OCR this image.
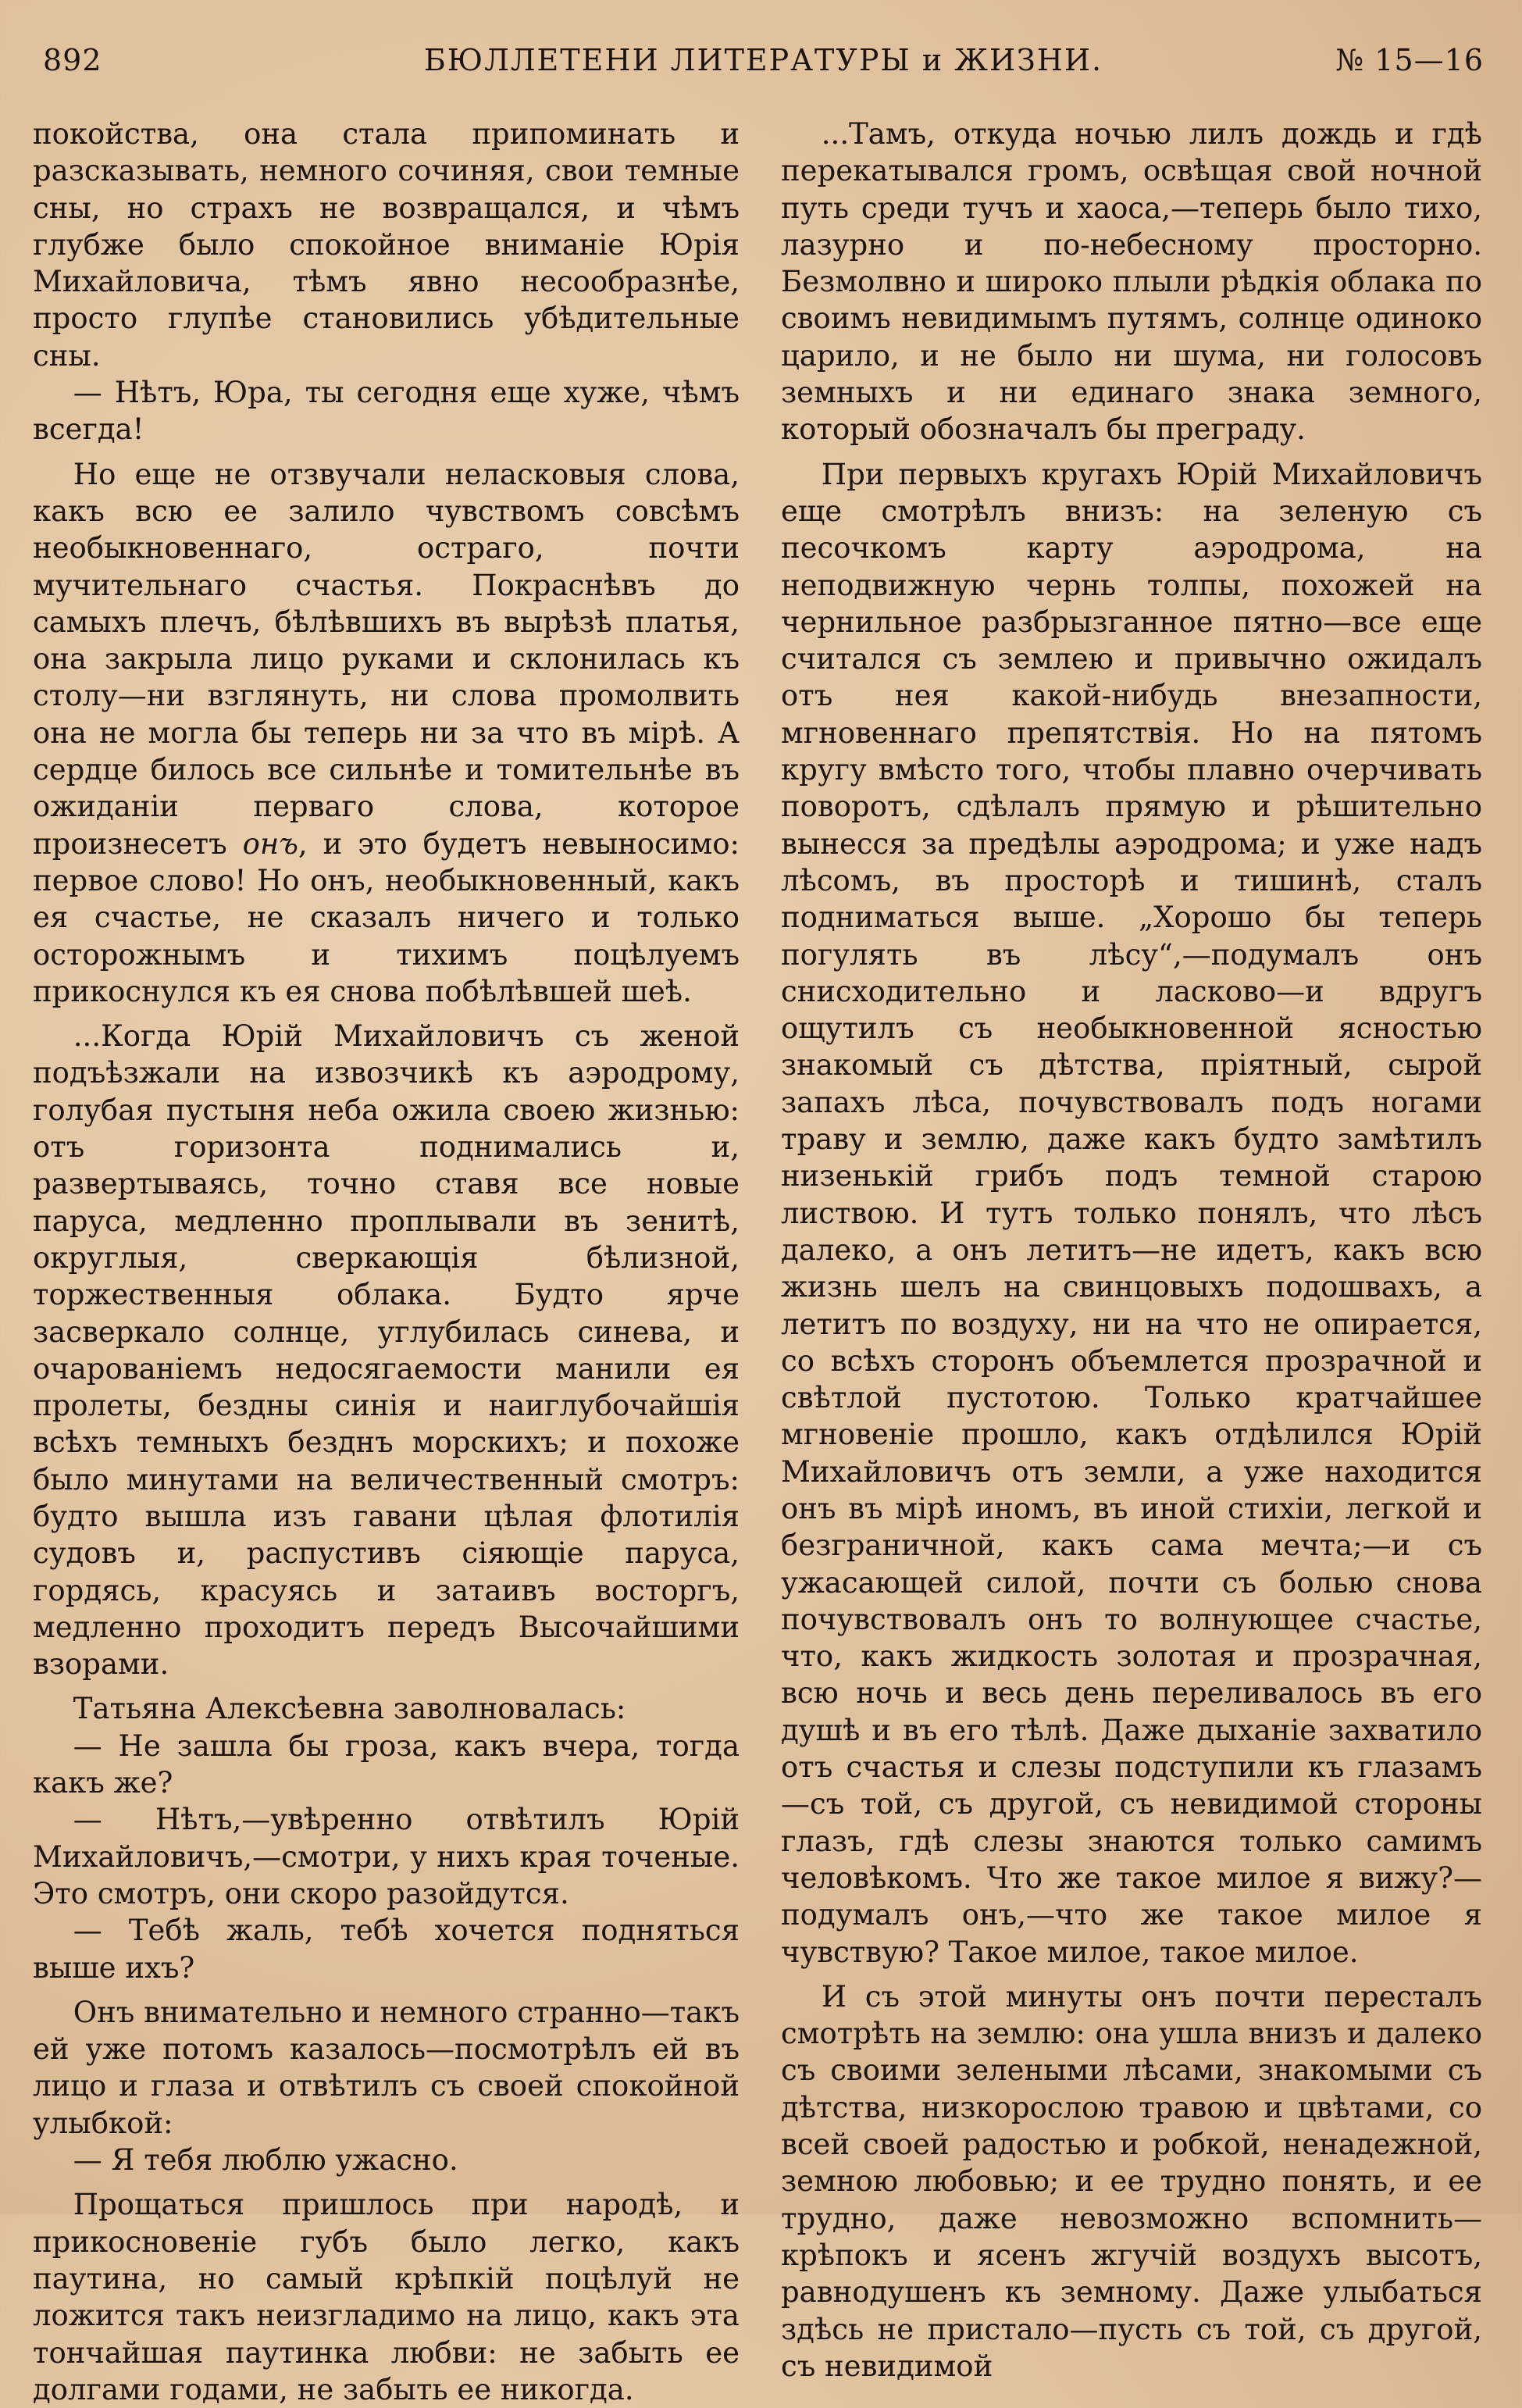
892	БЮЛЛЕТЕНИ ЛИТЕРАТУРЫ и ЖИЗНИ.	№ 15—16

покойства, она стала припоминать и разсказывать, немного сочиняя, свои темные сны, но страхъ не возвращался, и чѣмъ глубже было спокойное вниманіе Юрія Михайловича, тѣмъ явно несообразнѣе, просто глупѣе становились убѣдительные сны.

— Нѣтъ, Юра, ты сегодня еще хуже, чѣмъ всегда!

Но еще не отзвучали неласковыя слова, какъ всю ее залило чувствомъ совсѣмъ необыкновеннаго, остраго, почти мучительнаго счастья. Покраснѣвъ до самыхъ плечъ, бѣлѣвшихъ въ вырѣзѣ платья, она закрыла лицо руками и склонилась къ столу—ни взглянуть, ни слова промолвить она не могла бы теперь ни за что въ мірѣ. А сердце билось все сильнѣе и томительнѣе въ ожиданіи перваго слова, которое произнесетъ онъ, и это будетъ невыносимо: первое слово! Но онъ, необыкновенный, какъ ея счастье, не сказалъ ничего и только осторожнымъ и тихимъ поцѣлуемъ прикоснулся къ ея снова побѣлѣвшей шеѣ.

...Когда Юрій Михайловичъ съ женой подъѣзжали на извозчикѣ къ аэродрому, голубая пустыня неба ожила своею жизнью: отъ горизонта поднимались и, развертываясь, точно ставя все новые паруса, медленно проплывали въ зенитѣ, округлыя, сверкающія бѣлизной, торжественныя облака. Будто ярче засверкало солнце, углубилась синева, и очарованіемъ недосягаемости манили ея пролеты, бездны синія и наиглубочайшія всѣхъ темныхъ безднъ морскихъ; и похоже было минутами на величественный смотръ: будто вышла изъ гавани цѣлая флотилія судовъ и, распустивъ сіяющіе паруса, гордясь, красуясь и затаивъ восторгъ, медленно проходитъ передъ Высочайшими взорами.

Татьяна Алексѣевна заволновалась:

— Не зашла бы гроза, какъ вчера, тогда какъ же?

— Нѣтъ,—увѣренно отвѣтилъ Юрій Михайловичъ,—смотри, у нихъ края точеные. Это смотръ, они скоро разойдутся.

— Тебѣ жаль, тебѣ хочется подняться выше ихъ?

Онъ внимательно и немного странно—такъ ей уже потомъ казалось—посмотрѣлъ ей въ лицо и глаза и отвѣтилъ съ своей спокойной улыбкой:

— Я тебя люблю ужасно.

Прощаться пришлось при народѣ, и прикосновеніе губъ было легко, какъ паутина, но самый крѣпкій поцѣлуй не ложится такъ неизгладимо на лицо, какъ эта тончайшая паутинка любви: не забыть ее долгами годами, не забыть ее никогда.

...Тамъ, откуда ночью лилъ дождь и гдѣ перекатывался громъ, освѣщая свой ночной путь среди тучъ и хаоса,—теперь было тихо, лазурно и по-небесному просторно. Безмолвно и широко плыли рѣдкія облака по своимъ невидимымъ путямъ, солнце одиноко царило, и не было ни шума, ни голосовъ земныхъ и ни единаго знака земного, который обозначалъ бы преграду.

При первыхъ кругахъ Юрій Михайловичъ еще смотрѣлъ внизъ: на зеленую съ песочкомъ карту аэродрома, на неподвижную чернь толпы, похожей на чернильное разбрызганное пятно—все еще считался съ землею и привычно ожидалъ отъ нея какой-нибудь внезапности, мгновеннаго препятствія. Но на пятомъ кругу вмѣсто того, чтобы плавно очерчивать поворотъ, сдѣлалъ прямую и рѣшительно вынесся за предѣлы аэродрома; и уже надъ лѣсомъ, въ просторѣ и тишинѣ, сталъ подниматься выше. „Хорошо бы теперь погулять въ лѣсу“,—подумалъ онъ снисходительно и ласково—и вдругъ ощутилъ съ необыкновенной ясностью знакомый съ дѣтства, пріятный, сырой запахъ лѣса, почувствовалъ подъ ногами траву и землю, даже какъ будто замѣтилъ низенькій грибъ подъ темной старою листвою. И тутъ только понялъ, что лѣсъ далеко, а онъ летитъ—не идетъ, какъ всю жизнь шелъ на свинцовыхъ подошвахъ, а летитъ по воздуху, ни на что не опирается, со всѣхъ сторонъ объемлется прозрачной и свѣтлой пустотою. Только кратчайшее мгновеніе прошло, какъ отдѣлился Юрій Михайловичъ отъ земли, а уже находится онъ въ мірѣ иномъ, въ иной стихіи, легкой и безграничной, какъ сама мечта;—и съ ужасающей силой, почти съ болью снова почувствовалъ онъ то волнующее счастье, что, какъ жидкость золотая и прозрачная, всю ночь и весь день переливалось въ его душѣ и въ его тѣлѣ. Даже дыханіе захватило отъ счастья и слезы подступили къ глазамъ—съ той, съ другой, съ невидимой стороны глазъ, гдѣ слезы знаются только самимъ человѣкомъ. Что же такое милое я вижу?—подумалъ онъ,—что же такое милое я чувствую? Такое милое, такое милое.

И съ этой минуты онъ почти пересталъ смотрѣть на землю: она ушла внизъ и далеко съ своими зелеными лѣсами, знакомыми съ дѣтства, низкорослою травою и цвѣтами, со всей своей радостью и робкой, ненадежной, земною любовью; и ее трудно понять, и ее трудно, даже невозможно вспомнить—крѣпокъ и ясенъ жгучій воздухъ высотъ, равнодушенъ къ земному. Даже улыбаться здѣсь не пристало—пусть съ той, съ другой, съ невидимой
